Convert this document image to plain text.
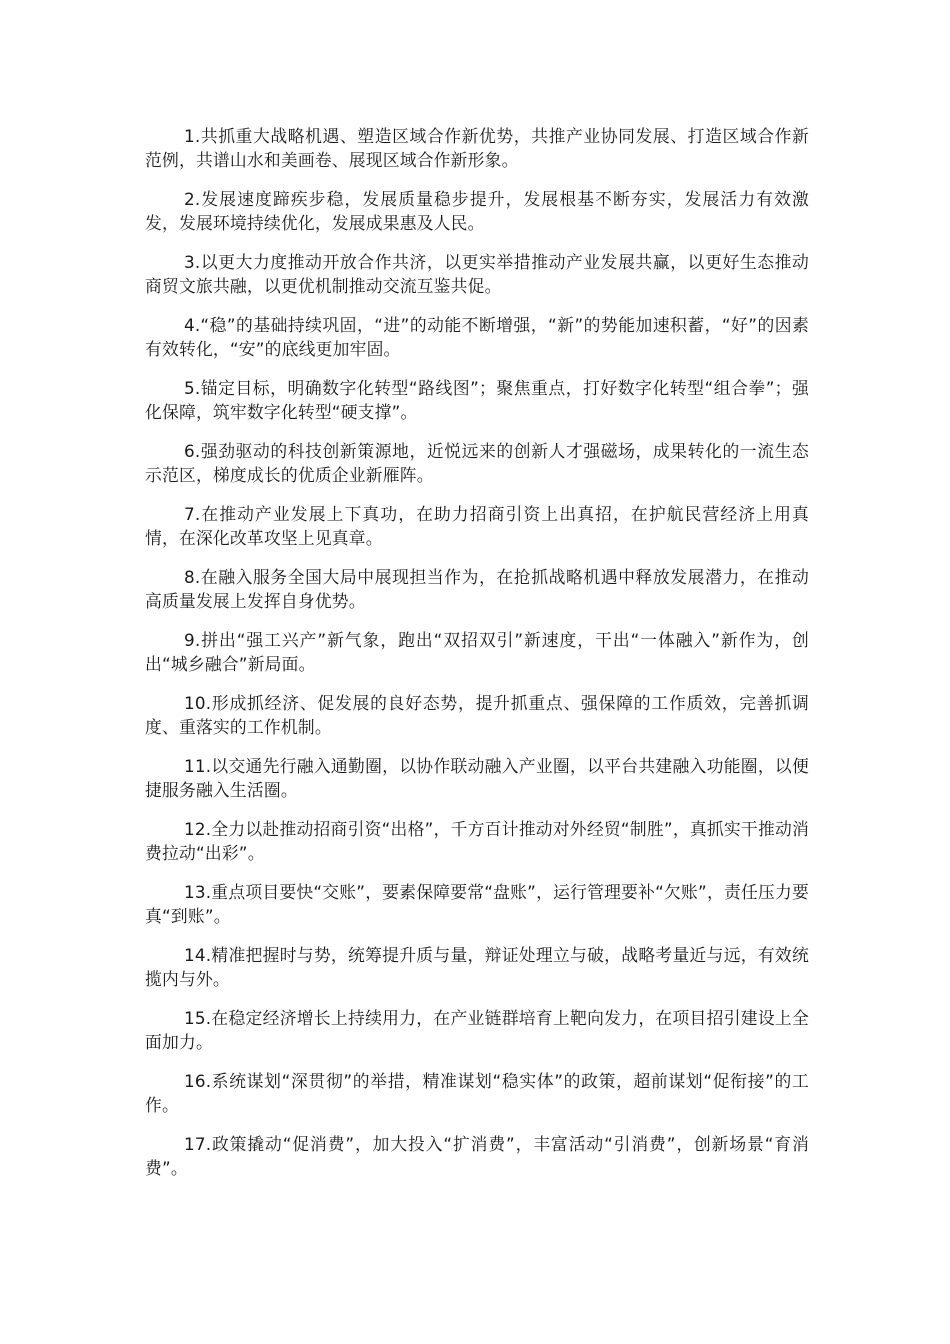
1.共抓重大战略机遇、塑造区域合作新优势，共推产业协同发展、打造区域合作新范例，共谱山水和美画卷、展现区域合作新形象。

2.发展速度蹄疾步稳，发展质量稳步提升，发展根基不断夯实，发展活力有效激发，发展环境持续优化，发展成果惠及人民。

3.以更大力度推动开放合作共济，以更实举措推动产业发展共赢，以更好生态推动商贸文旅共融，以更优机制推动交流互鉴共促。

4.“稳”的基础持续巩固，“进”的动能不断增强，“新”的势能加速积蓄，“好”的因素有效转化，“安”的底线更加牢固。

5.锚定目标，明确数字化转型“路线图”；聚焦重点，打好数字化转型“组合拳”；强化保障，筑牢数字化转型“硬支撑”。

6.强劲驱动的科技创新策源地，近悦远来的创新人才强磁场，成果转化的一流生态示范区，梯度成长的优质企业新雁阵。

7.在推动产业发展上下真功，在助力招商引资上出真招，在护航民营经济上用真情，在深化改革攻坚上见真章。

8.在融入服务全国大局中展现担当作为，在抢抓战略机遇中释放发展潜力，在推动高质量发展上发挥自身优势。

9.拼出“强工兴产”新气象，跑出“双招双引”新速度，干出“一体融入”新作为，创出“城乡融合”新局面。

10.形成抓经济、促发展的良好态势，提升抓重点、强保障的工作质效，完善抓调度、重落实的工作机制。

11.以交通先行融入通勤圈，以协作联动融入产业圈，以平台共建融入功能圈，以便捷服务融入生活圈。

12.全力以赴推动招商引资“出格”，千方百计推动对外经贸“制胜”，真抓实干推动消费拉动“出彩”。

13.重点项目要快“交账”，要素保障要常“盘账”，运行管理要补“欠账”，责任压力要真“到账”。

14.精准把握时与势，统筹提升质与量，辩证处理立与破，战略考量近与远，有效统揽内与外。

15.在稳定经济增长上持续用力，在产业链群培育上靶向发力，在项目招引建设上全面加力。

16.系统谋划“深贯彻”的举措，精准谋划“稳实体”的政策，超前谋划“促衔接”的工作。

17.政策撬动“促消费”，加大投入“扩消费”，丰富活动“引消费”，创新场景“育消费”。
